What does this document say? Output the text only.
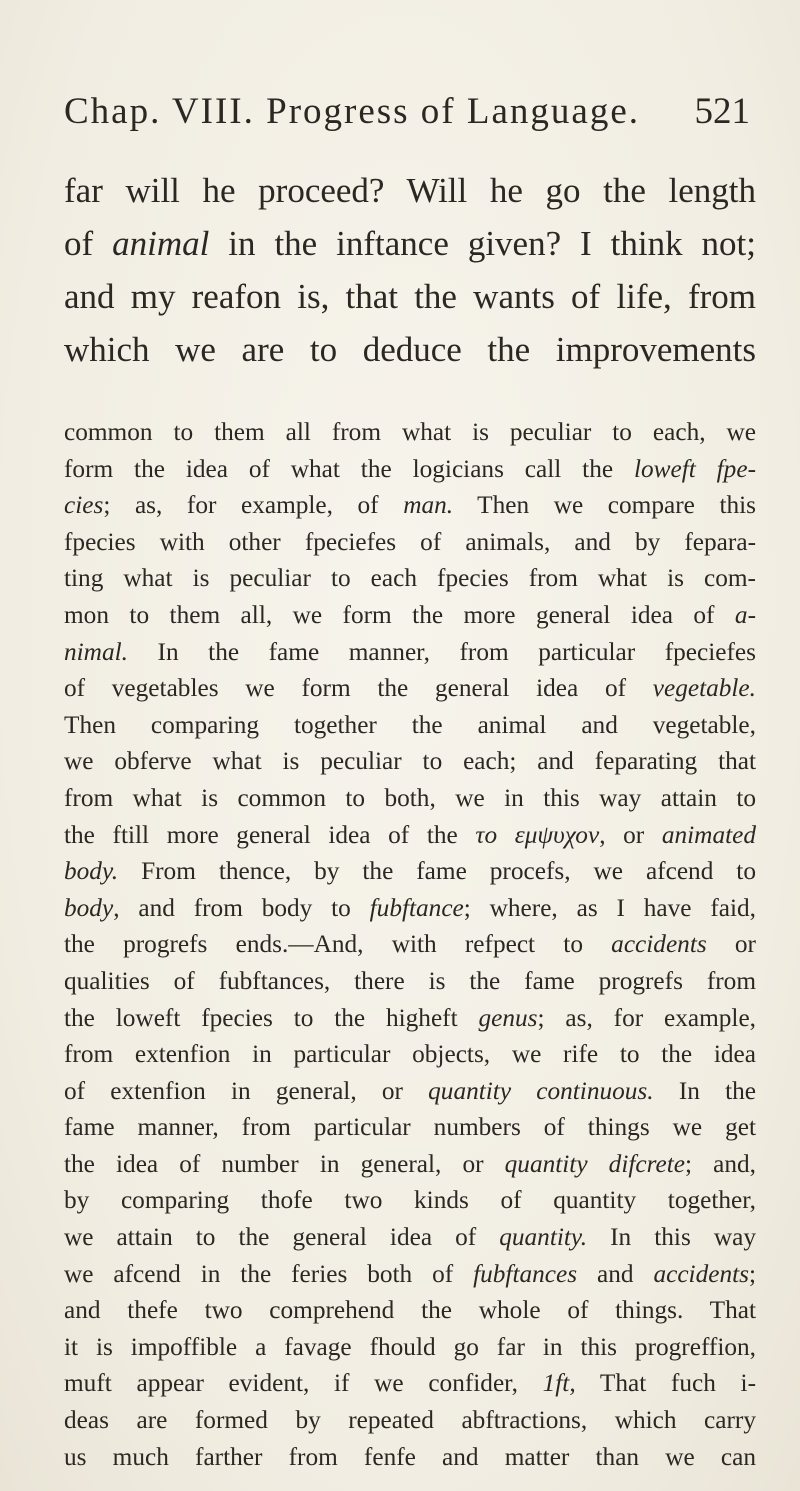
Chap. VIII. Progress of Language. 521
far will he proceed? Will he go the length
of animal in the inftance given? I think not;
and my reafon is, that the wants of life, from
which we are to deduce the improvements
common to them all from what is peculiar to each, we
form the idea of what the logicians call the loweft fpe-
cies; as, for example, of man. Then we compare this
fpecies with other fpeciefes of animals, and by fepara-
ting what is peculiar to each fpecies from what is com-
mon to them all, we form the more general idea of a-
nimal. In the fame manner, from particular fpeciefes
of vegetables we form the general idea of vegetable.
Then comparing together the animal and vegetable,
we obferve what is peculiar to each; and feparating that
from what is common to both, we in this way attain to
the ftill more general idea of the το εμψυχον, or animated
body. From thence, by the fame procefs, we afcend to
body, and from body to fubftance; where, as I have faid,
the progrefs ends.—And, with refpect to accidents or
qualities of fubftances, there is the fame progrefs from
the loweft fpecies to the higheft genus; as, for example,
from extenfion in particular objects, we rife to the idea
of extenfion in general, or quantity continuous. In the
fame manner, from particular numbers of things we get
the idea of number in general, or quantity difcrete; and,
by comparing thofe two kinds of quantity together,
we attain to the general idea of quantity. In this way
we afcend in the feries both of fubftances and accidents;
and thefe two comprehend the whole of things. That
it is impoffible a favage fhould go far in this progreffion,
muft appear evident, if we confider, 1ft, That fuch i-
deas are formed by repeated abftractions, which carry
us much farther from fenfe and matter than we can
